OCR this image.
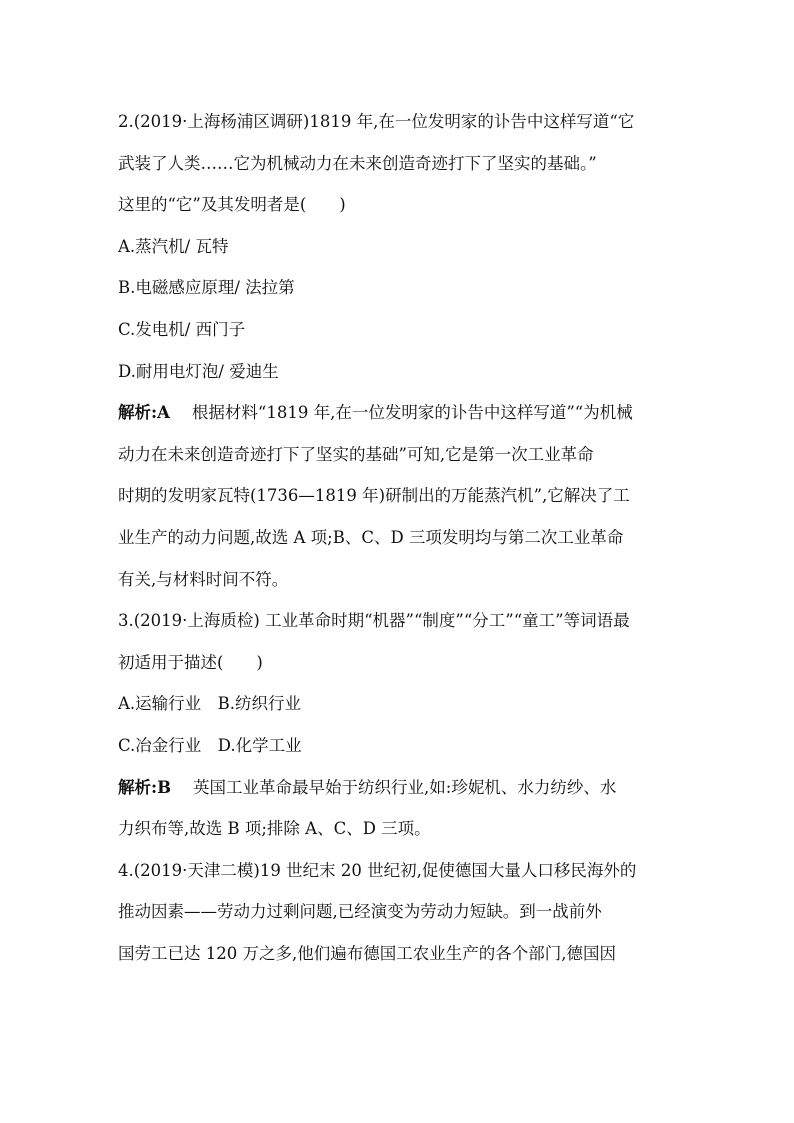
2.(2019·上海杨浦区调研)1819 年,在一位发明家的讣告中这样写道“它
武装了人类……它为机械动力在未来创造奇迹打下了坚实的基础。”
这里的“它”及其发明者是(　　)
A.蒸汽机/ 瓦特
B.电磁感应原理/ 法拉第
C.发电机/ 西门子
D.耐用电灯泡/ 爱迪生
解析:A 根据材料“1819 年,在一位发明家的讣告中这样写道”“为机械
动力在未来创造奇迹打下了坚实的基础”可知,它是第一次工业革命
时期的发明家瓦特(1736—1819 年)研制出的万能蒸汽机”,它解决了工
业生产的动力问题,故选 A 项;B、C、D 三项发明均与第二次工业革命
有关,与材料时间不符。
3.(2019·上海质检) 工业革命时期“机器”“制度”“分工”“童工”等词语最
初适用于描述(　　)
A.运输行业　B.纺织行业
C.冶金行业　D.化学工业
解析:B 英国工业革命最早始于纺织行业,如:珍妮机、水力纺纱、水
力织布等,故选 B 项;排除 A、C、D 三项。
4.(2019·天津二模)19 世纪末 20 世纪初,促使德国大量人口移民海外的
推动因素——劳动力过剩问题,已经演变为劳动力短缺。到一战前外
国劳工已达 120 万之多,他们遍布德国工农业生产的各个部门,德国因
